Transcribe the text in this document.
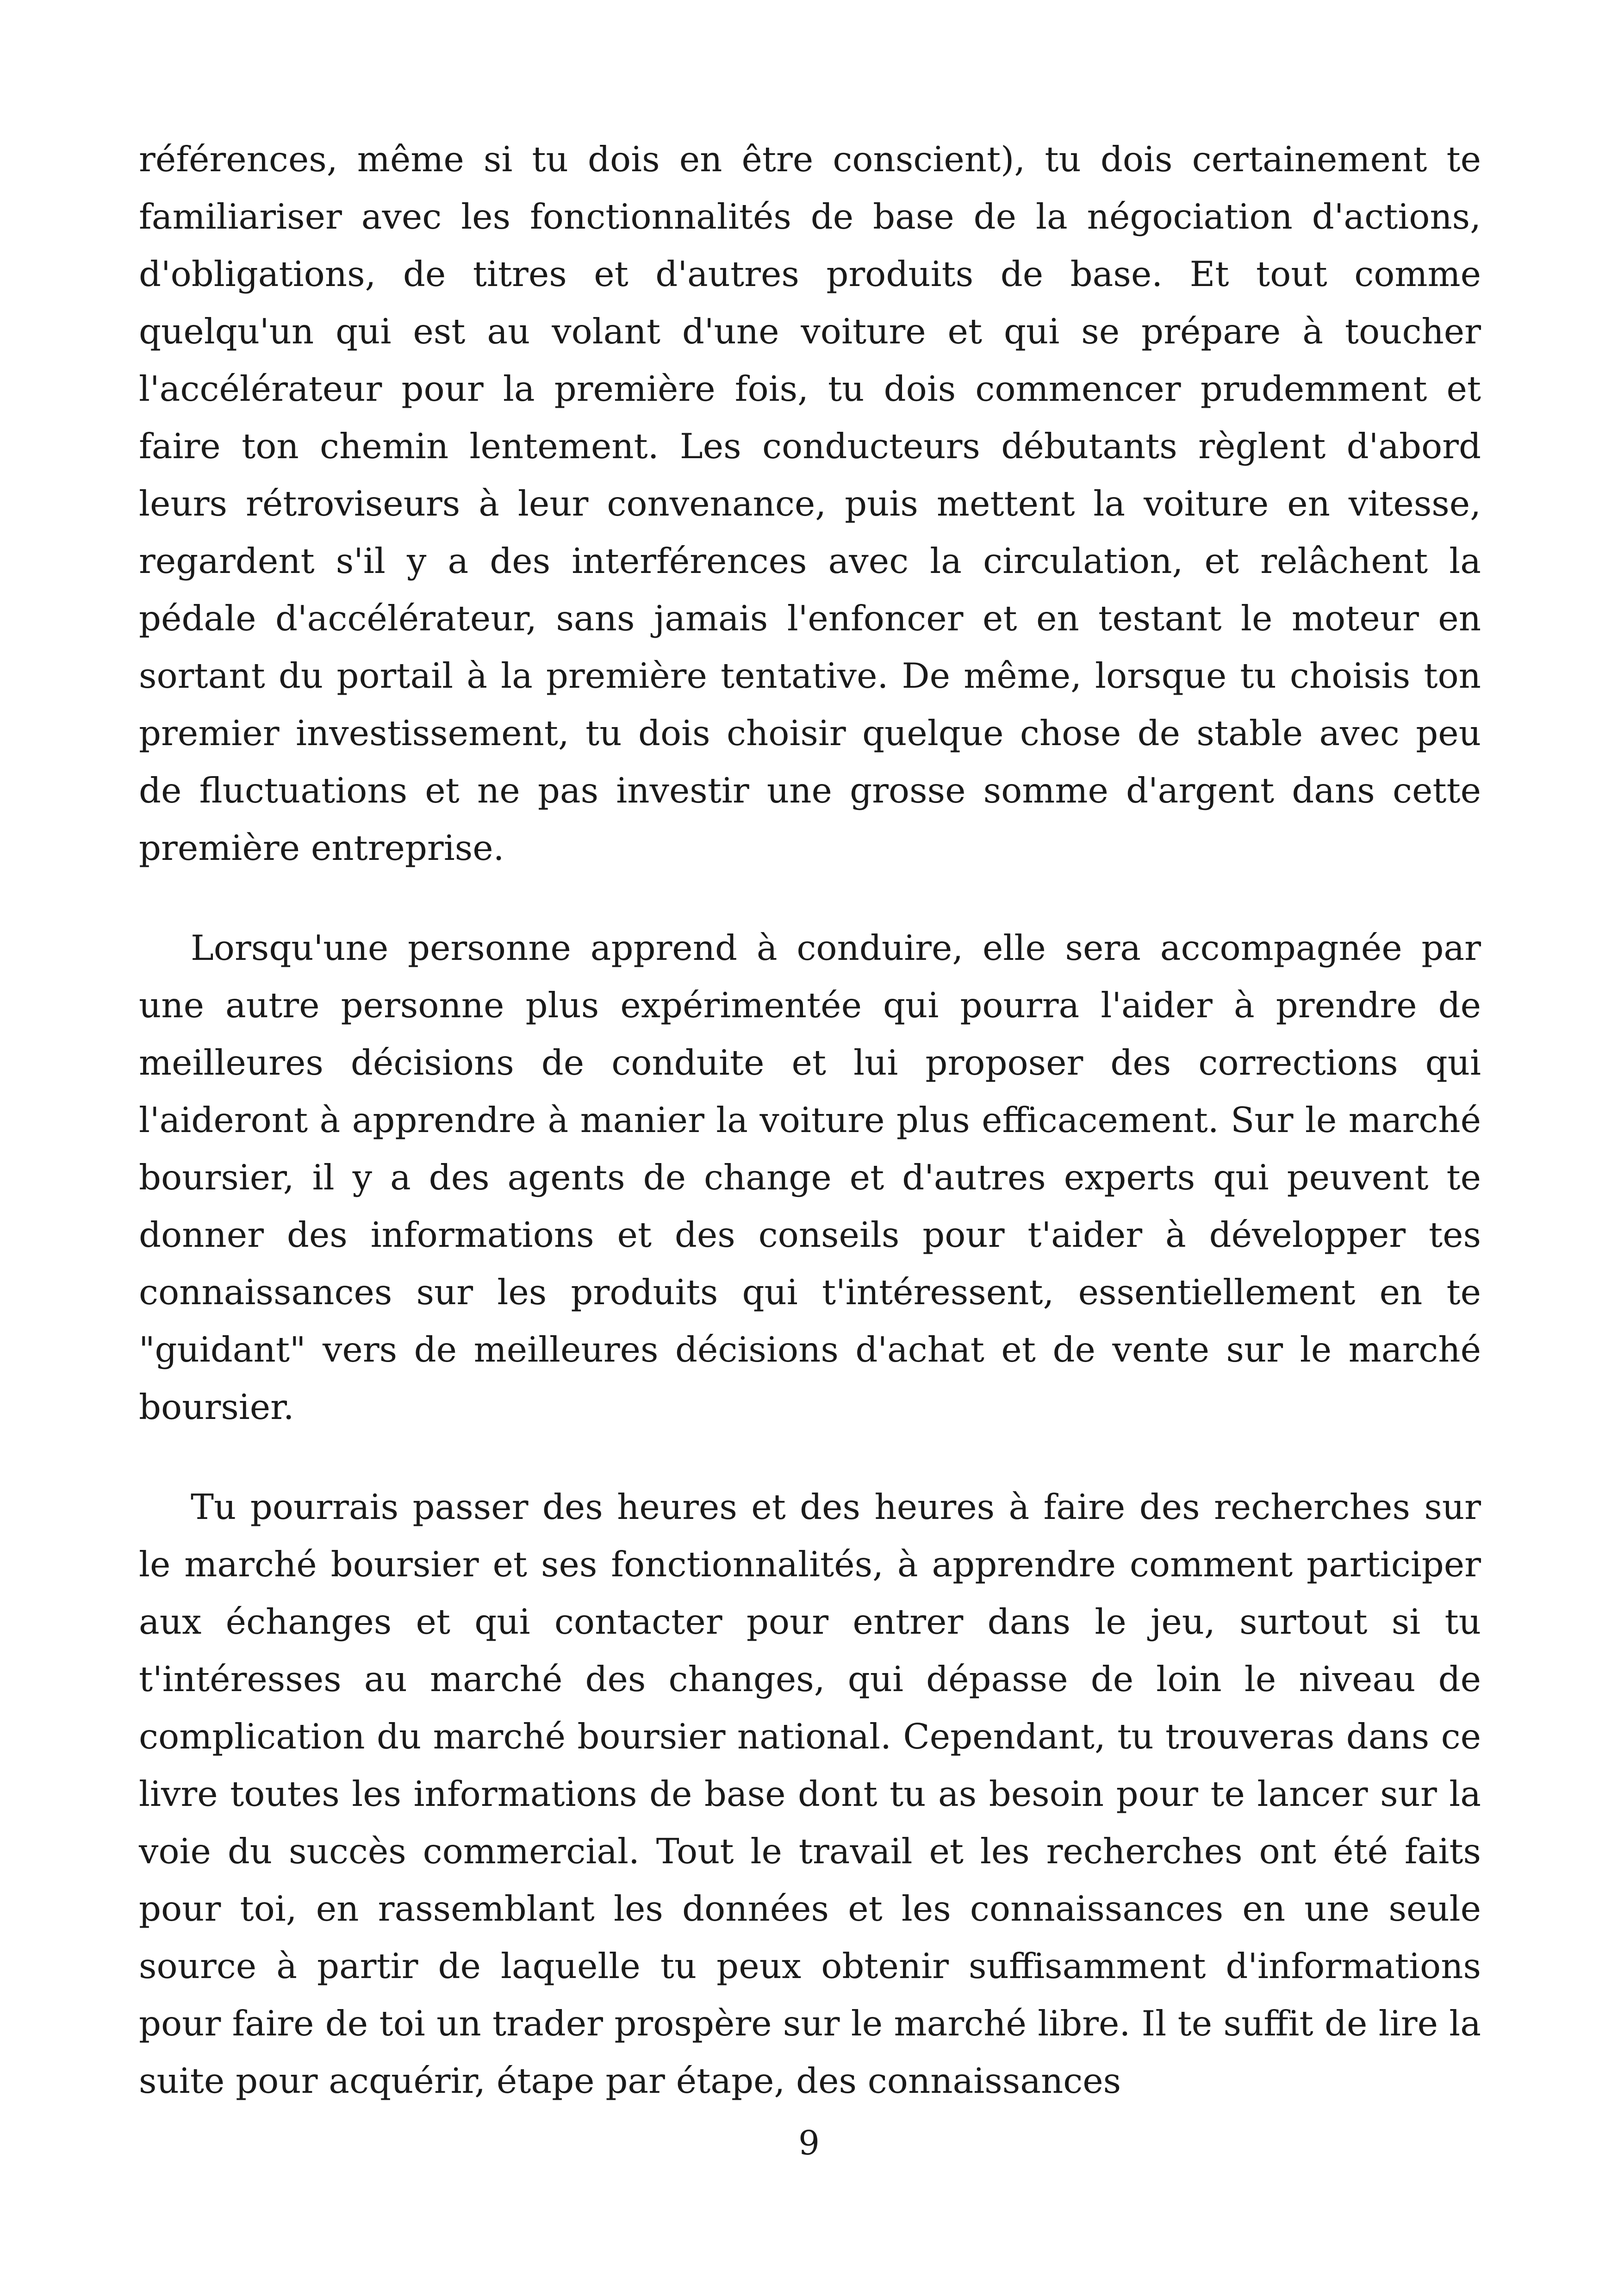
références, même si tu dois en être conscient), tu dois certainement te familiariser avec les fonctionnalités de base de la négociation d'actions, d'obligations, de titres et d'autres produits de base. Et tout comme quelqu'un qui est au volant d'une voiture et qui se prépare à toucher l'accélérateur pour la première fois, tu dois commencer prudemment et faire ton chemin lentement. Les conducteurs débutants règlent d'abord leurs rétroviseurs à leur convenance, puis mettent la voiture en vitesse, regardent s'il y a des interférences avec la circulation, et relâchent la pédale d'accélérateur, sans jamais l'enfoncer et en testant le moteur en sortant du portail à la première tentative. De même, lorsque tu choisis ton premier investissement, tu dois choisir quelque chose de stable avec peu de fluctuations et ne pas investir une grosse somme d'argent dans cette première entreprise.

Lorsqu'une personne apprend à conduire, elle sera accompagnée par une autre personne plus expérimentée qui pourra l'aider à prendre de meilleures décisions de conduite et lui proposer des corrections qui l'aideront à apprendre à manier la voiture plus efficacement. Sur le marché boursier, il y a des agents de change et d'autres experts qui peuvent te donner des informations et des conseils pour t'aider à développer tes connaissances sur les produits qui t'intéressent, essentiellement en te "guidant" vers de meilleures décisions d'achat et de vente sur le marché boursier.

Tu pourrais passer des heures et des heures à faire des recherches sur le marché boursier et ses fonctionnalités, à apprendre comment participer aux échanges et qui contacter pour entrer dans le jeu, surtout si tu t'intéresses au marché des changes, qui dépasse de loin le niveau de complication du marché boursier national. Cependant, tu trouveras dans ce livre toutes les informations de base dont tu as besoin pour te lancer sur la voie du succès commercial. Tout le travail et les recherches ont été faits pour toi, en rassemblant les données et les connaissances en une seule source à partir de laquelle tu peux obtenir suffisamment d'informations pour faire de toi un trader prospère sur le marché libre. Il te suffit de lire la suite pour acquérir, étape par étape, des connaissances

9
